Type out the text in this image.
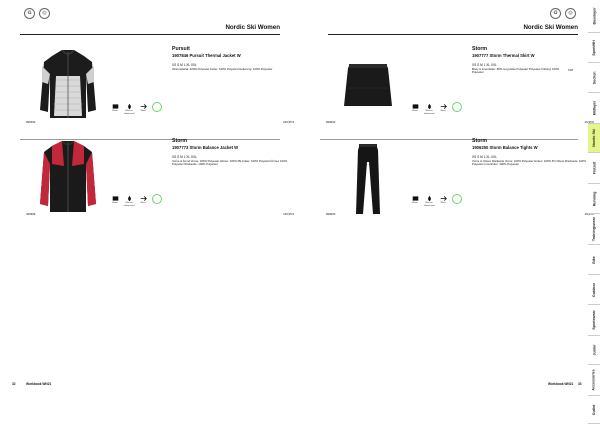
♻	◎
Nordic Ski Women
Pursuit
1907846 Pursuit Thermal Jacket W
XS S M L XL XXL
Obermaterial: 100% Polyester Futter: 100% Polyamid Isolierung: 100% Polyester
Warm	Wasser abweisend
Wind
999492	229,95 €
Storm
1907773 Storm Balance Jacket W
XS S M L XL XXL
Vorne & Ärmel Vorne: 100% Polyester Hinten: 100% PE Futter: 100% Polyamid Ärmel: 100% Polyester Rückseite: 100% Polyester
Warm	Wasser abweisend
Wind
430999	139,95 €
32	Workbook WN21
♻	◎
Nordic Ski Women
Storm
1907777 Storm Thermal Skirt W
XS S M L XL XXL
Body & Innenfutter: 85% recyceltes Polyester Polyester Füllung: 100% Polyester
S/M
Warm	Wasser abweisend
Wind
999000	49,95 €
Storm
1906250 Storm Balance Tights W
XS S M L XL XXL
Vorne & Untere Rückseite Vorne: 100% Polyester Hinten: 100% PU Obere Rückseite: 100% Polyester Innenfutter: 100% Polyester
Warm	Wasser abweisend
Wind
999000	49,95 €
Workbook WN21 33
Baselayer
Sport/HH
Socken
Midlayer
Nordic Ski
Freizeit
Running
Trainingswear
Bike
Outdoor
Sportswear
Junior
Accessories
Outlet
